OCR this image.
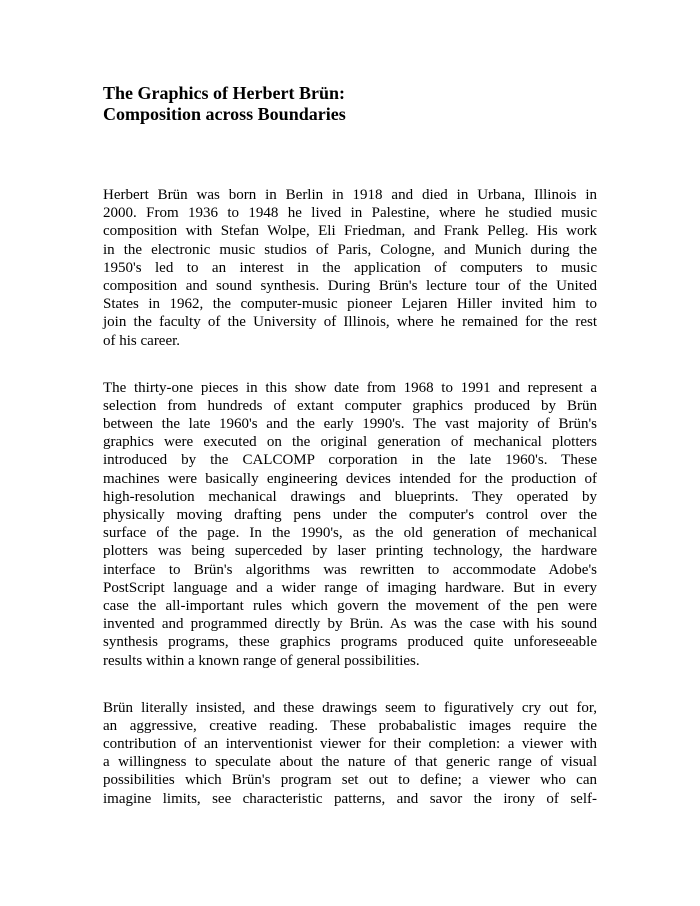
The Graphics of Herbert Brün:
Composition across Boundaries

Herbert Brün was born in Berlin in 1918 and died in Urbana, Illinois in
2000. From 1936 to 1948 he lived in Palestine, where he studied music
composition with Stefan Wolpe, Eli Friedman, and Frank Pelleg. His work
in the electronic music studios of Paris, Cologne, and Munich during the
1950's led to an interest in the application of computers to music
composition and sound synthesis. During Brün's lecture tour of the United
States in 1962, the computer-music pioneer Lejaren Hiller invited him to
join the faculty of the University of Illinois, where he remained for the rest
of his career.

The thirty-one pieces in this show date from 1968 to 1991 and represent a
selection from hundreds of extant computer graphics produced by Brün
between the late 1960's and the early 1990's. The vast majority of Brün's
graphics were executed on the original generation of mechanical plotters
introduced by the CALCOMP corporation in the late 1960's. These
machines were basically engineering devices intended for the production of
high-resolution mechanical drawings and blueprints. They operated by
physically moving drafting pens under the computer's control over the
surface of the page. In the 1990's, as the old generation of mechanical
plotters was being superceded by laser printing technology, the hardware
interface to Brün's algorithms was rewritten to accommodate Adobe's
PostScript language and a wider range of imaging hardware. But in every
case the all-important rules which govern the movement of the pen were
invented and programmed directly by Brün. As was the case with his sound
synthesis programs, these graphics programs produced quite unforeseeable
results within a known range of general possibilities.

Brün literally insisted, and these drawings seem to figuratively cry out for,
an aggressive, creative reading. These probabalistic images require the
contribution of an interventionist viewer for their completion: a viewer with
a willingness to speculate about the nature of that generic range of visual
possibilities which Brün's program set out to define; a viewer who can
imagine limits, see characteristic patterns, and savor the irony of self-
